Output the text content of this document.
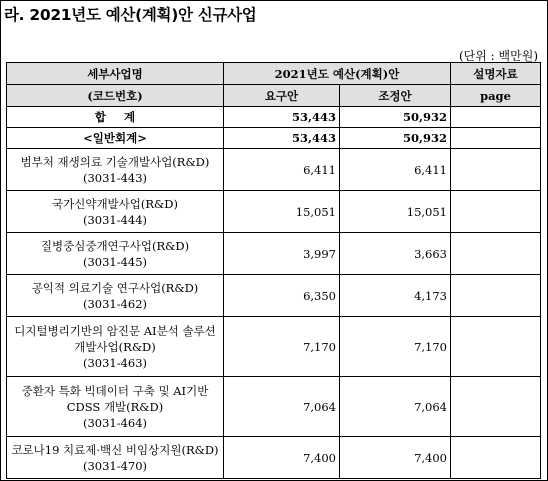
라. 2021년도 예산(계획)안 신규사업
(단위 : 백만원)
세부사업명	2021년도 예산(계획)안		설명자료
(코드번호)	요구안	조정안	page
합 계	53,443	50,932	
<일반회계>	53,443	50,932	

범부처 재생의료 기술개발사업(R&D)
(3031-443)	6,411	6,411	

국가신약개발사업(R&D)
(3031-444)	15,051	15,051	

질병중심중개연구사업(R&D)
(3031-445)	3,997	3,663	

공익적 의료기술 연구사업(R&D)
(3031-462)	6,350	4,173	

디지털병리기반의 암진문 AI분석 솔루션 개발사업(R&D)
(3031-463)	7,170	7,170	

중환자 특화 빅데이터 구축 및 AI기반 CDSS 개발(R&D)
(3031-464)	7,064	7,064	

코로나19 치료제·백신 비임상지원(R&D)
(3031-470)	7,400	7,400	
